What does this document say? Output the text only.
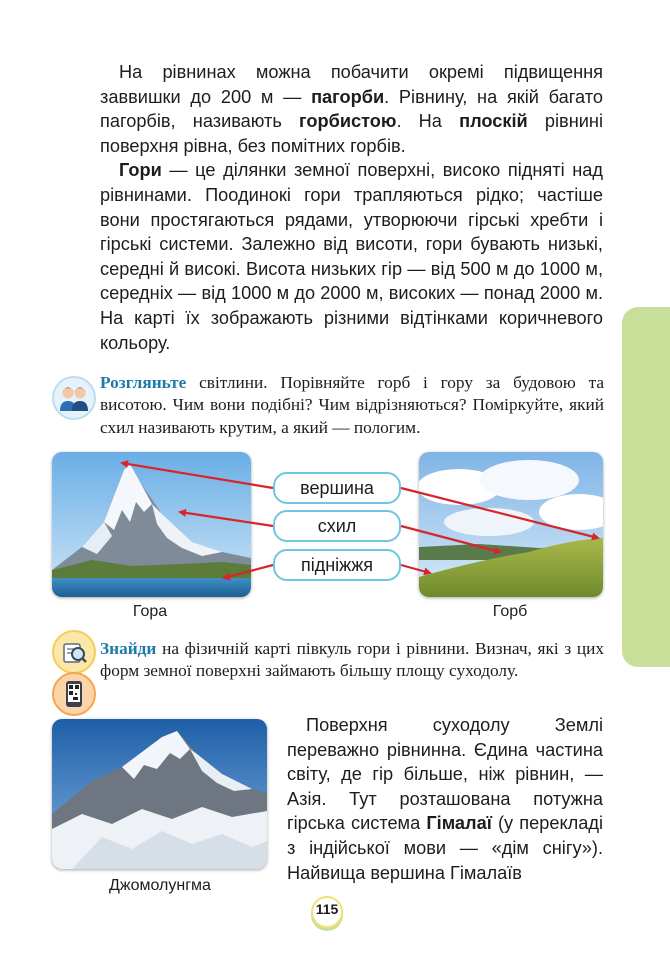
На рівнинах можна побачити окремі підвищення заввишки до 200 м — пагорби. Рівнину, на якій багато пагорбів, називають горбистою. На плоскій рівнині поверхня рівна, без помітних горбів.

Гори — це ділянки земної поверхні, високо підняті над рівнинами. Поодинокі гори трапляються рідко; частіше вони простягаються рядами, утворюючи гірські хребти і гірські системи. Залежно від висоти, гори бувають низькі, середні й високі. Висота низьких гір — від 500 м до 1000 м, середніх — від 1000 м до 2000 м, високих — понад 2000 м. На карті їх зображають різними відтінками коричневого кольору.

Розгляньте світлини. Порівняйте горб і гору за будовою та висотою. Чим вони подібні? Чим відрізняються? Поміркуйте, який схил називають крутим, а який — пологим.
вершина
схил
підніжжя
Гора	Горб
Знайди на фізичній карті півкуль гори і рівнини. Визнач, які з цих форм земної поверхні займають більшу площу суходолу.
Джомолунгма

Поверхня суходолу Землі переважно рівнинна. Єдина частина світу, де гір більше, ніж рівнин, — Азія. Тут розташована потужна гірська система Гімалаї (у перекладі з індійської мови — «дім снігу»). Найвища вершина Гімалаїв

115
